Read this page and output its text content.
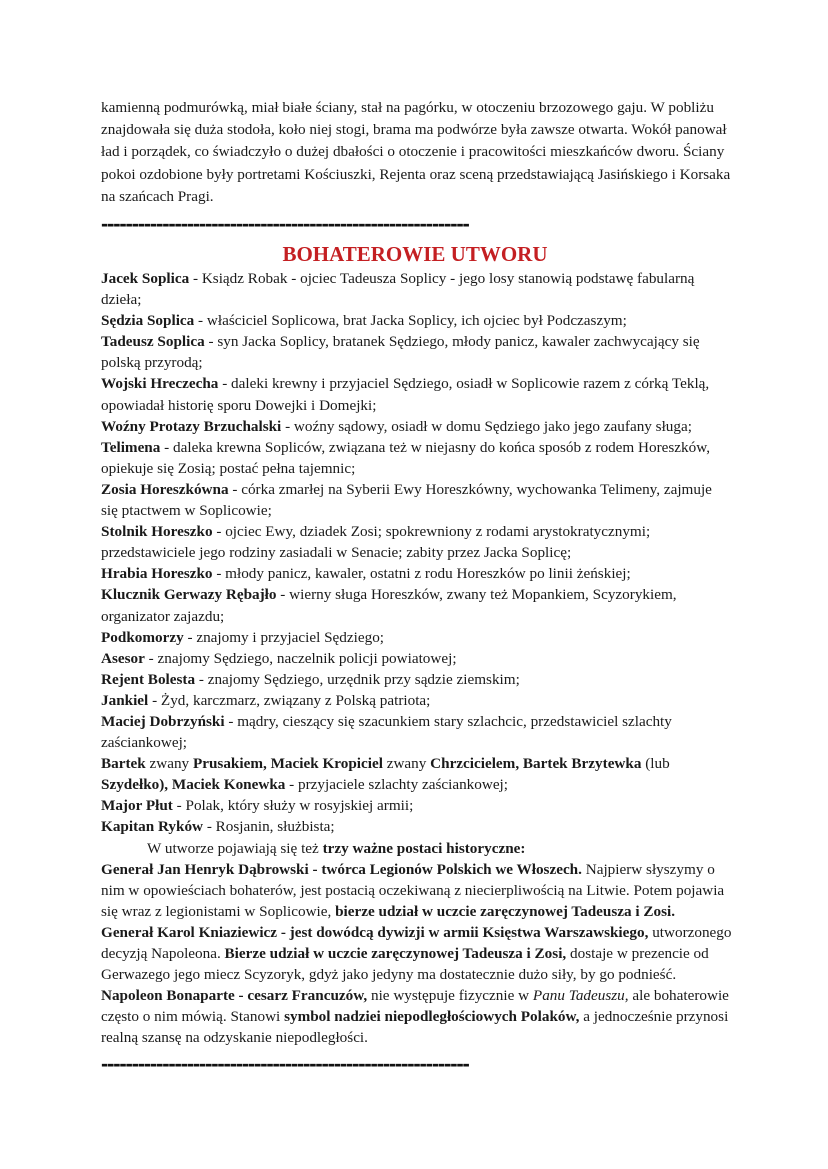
kamienną podmurówką, miał białe ściany, stał na pagórku, w otoczeniu brzozowego gaju. W pobliżu znajdowała się duża stodoła, koło niej stogi, brama ma podwórze była zawsze otwarta. Wokół panował ład i porządek, co świadczyło o dużej dbałości o otoczenie i pracowitości mieszkańców dworu. Ściany pokoi ozdobione były portretami Kościuszki, Rejenta oraz sceną przedstawiającą Jasińskiego i Korsaka na szańcach Pragi.

------------------------------------------------------------
BOHATEROWIE UTWORU

Jacek Soplica - Ksiądz Robak - ojciec Tadeusza Soplicy - jego losy stanowią podstawę fabularną dzieła;

Sędzia Soplica - właściciel Soplicowa, brat Jacka Soplicy, ich ojciec był Podczaszym;

Tadeusz Soplica - syn Jacka Soplicy, bratanek Sędziego, młody panicz, kawaler zachwycający się polską przyrodą;

Wojski Hreczecha - daleki krewny i przyjaciel Sędziego, osiadł w Soplicowie razem z córką Teklą, opowiadał historię sporu Dowejki i Domejki;

Woźny Protazy Brzuchalski - woźny sądowy, osiadł w domu Sędziego jako jego zaufany sługa;

Telimena - daleka krewna Sopliców, związana też w niejasny do końca sposób z rodem Horeszków, opiekuje się Zosią; postać pełna tajemnic;

Zosia Horeszkówna - córka zmarłej na Syberii Ewy Horeszkówny, wychowanka Telimeny, zajmuje się ptactwem w Soplicowie;

Stolnik Horeszko - ojciec Ewy, dziadek Zosi; spokrewniony z rodami arystokratycznymi; przedstawiciele jego rodziny zasiadali w Senacie; zabity przez Jacka Soplicę;

Hrabia Horeszko - młody panicz, kawaler, ostatni z rodu Horeszków po linii żeńskiej;

Klucznik Gerwazy Rębajło - wierny sługa Horeszków, zwany też Mopankiem, Scyzorykiem, organizator zajazdu;

Podkomorzy - znajomy i przyjaciel Sędziego;

Asesor - znajomy Sędziego, naczelnik policji powiatowej;

Rejent Bolesta - znajomy Sędziego, urzędnik przy sądzie ziemskim;

Jankiel - Żyd, karczmarz, związany z Polską patriota;

Maciej Dobrzyński - mądry, cieszący się szacunkiem stary szlachcic, przedstawiciel szlachty zaściankowej;

Bartek zwany Prusakiem, Maciek Kropiciel zwany Chrzcicielem, Bartek Brzytewka (lub Szydełko), Maciek Konewka - przyjaciele szlachty zaściankowej;

Major Płut - Polak, który służy w rosyjskiej armii;

Kapitan Ryków - Rosjanin, służbista;

W utworze pojawiają się też trzy ważne postaci historyczne:

Generał Jan Henryk Dąbrowski - twórca Legionów Polskich we Włoszech. Najpierw słyszymy o nim w opowieściach bohaterów, jest postacią oczekiwaną z niecierpliwością na Litwie. Potem pojawia się wraz z legionistami w Soplicowie, bierze udział w uczcie zaręczynowej Tadeusza i Zosi.

Generał Karol Kniaziewicz - jest dowódcą dywizji w armii Księstwa Warszawskiego, utworzonego decyzją Napoleona. Bierze udział w uczcie zaręczynowej Tadeusza i Zosi, dostaje w prezencie od Gerwazego jego miecz Scyzoryk, gdyż jako jedyny ma dostatecznie dużo siły, by go podnieść.

Napoleon Bonaparte - cesarz Francuzów, nie występuje fizycznie w Panu Tadeuszu, ale bohaterowie często o nim mówią. Stanowi symbol nadziei niepodległościowych Polaków, a jednocześnie przynosi realną szansę na odzyskanie niepodległości.

------------------------------------------------------------
